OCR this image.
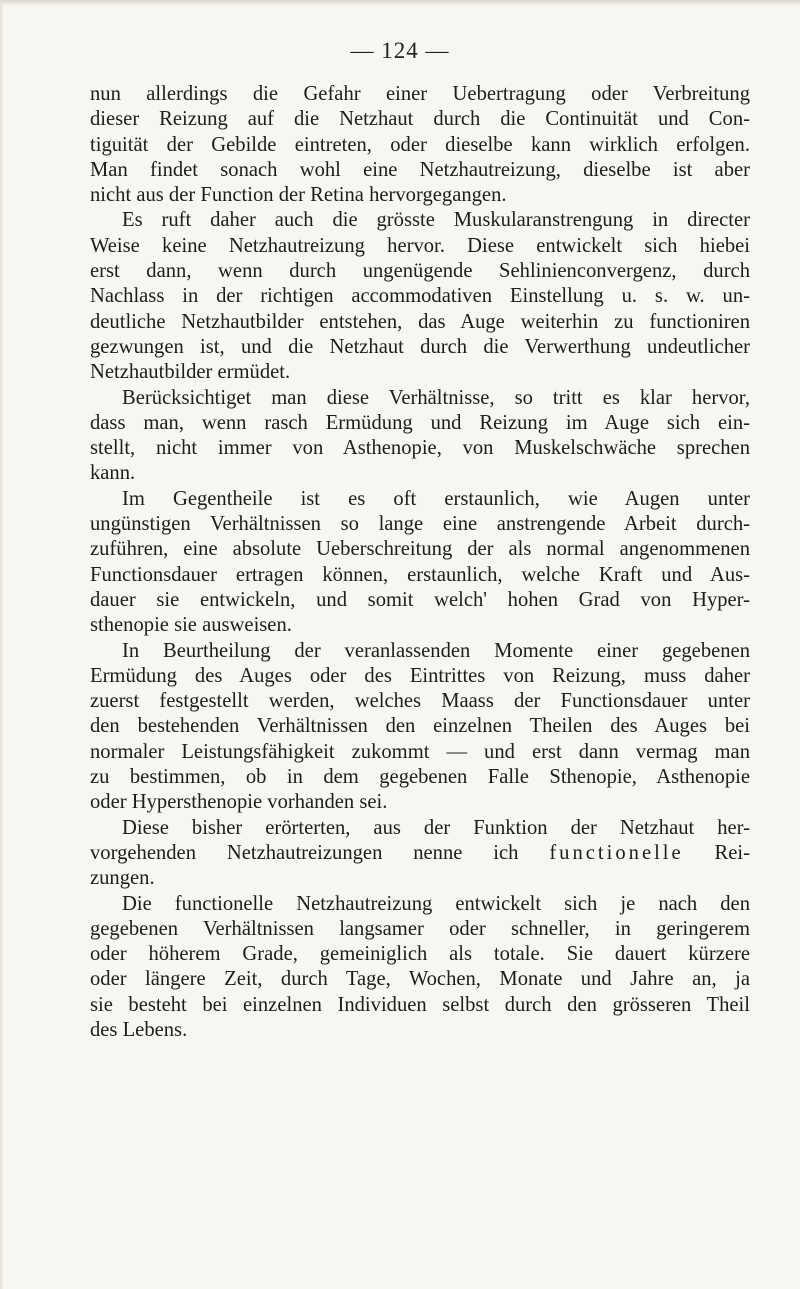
— 124 —
nun allerdings die Gefahr einer Uebertragung oder Verbreitung
dieser Reizung auf die Netzhaut durch die Continuität und Con-
tiguität der Gebilde eintreten, oder dieselbe kann wirklich erfolgen.
Man findet sonach wohl eine Netzhautreizung, dieselbe ist aber
nicht aus der Function der Retina hervorgegangen.
Es ruft daher auch die grösste Muskularanstrengung in directer
Weise keine Netzhautreizung hervor. Diese entwickelt sich hiebei
erst dann, wenn durch ungenügende Sehlinienconvergenz, durch
Nachlass in der richtigen accommodativen Einstellung u. s. w. un-
deutliche Netzhautbilder entstehen, das Auge weiterhin zu functioniren
gezwungen ist, und die Netzhaut durch die Verwerthung undeutlicher
Netzhautbilder ermüdet.
Berücksichtiget man diese Verhältnisse, so tritt es klar hervor,
dass man, wenn rasch Ermüdung und Reizung im Auge sich ein-
stellt, nicht immer von Asthenopie, von Muskelschwäche sprechen
kann.
Im Gegentheile ist es oft erstaunlich, wie Augen unter
ungünstigen Verhältnissen so lange eine anstrengende Arbeit durch-
zuführen, eine absolute Ueberschreitung der als normal angenommenen
Functionsdauer ertragen können, erstaunlich, welche Kraft und Aus-
dauer sie entwickeln, und somit welch' hohen Grad von Hyper-
sthenopie sie ausweisen.
In Beurtheilung der veranlassenden Momente einer gegebenen
Ermüdung des Auges oder des Eintrittes von Reizung, muss daher
zuerst festgestellt werden, welches Maass der Functionsdauer unter
den bestehenden Verhältnissen den einzelnen Theilen des Auges bei
normaler Leistungsfähigkeit zukommt — und erst dann vermag man
zu bestimmen, ob in dem gegebenen Falle Sthenopie, Asthenopie
oder Hypersthenopie vorhanden sei.
Diese bisher erörterten, aus der Funktion der Netzhaut her-
vorgehenden Netzhautreizungen nenne ich functionelle Rei-
zungen.
Die functionelle Netzhautreizung entwickelt sich je nach den
gegebenen Verhältnissen langsamer oder schneller, in geringerem
oder höherem Grade, gemeiniglich als totale. Sie dauert kürzere
oder längere Zeit, durch Tage, Wochen, Monate und Jahre an, ja
sie besteht bei einzelnen Individuen selbst durch den grösseren Theil
des Lebens.
